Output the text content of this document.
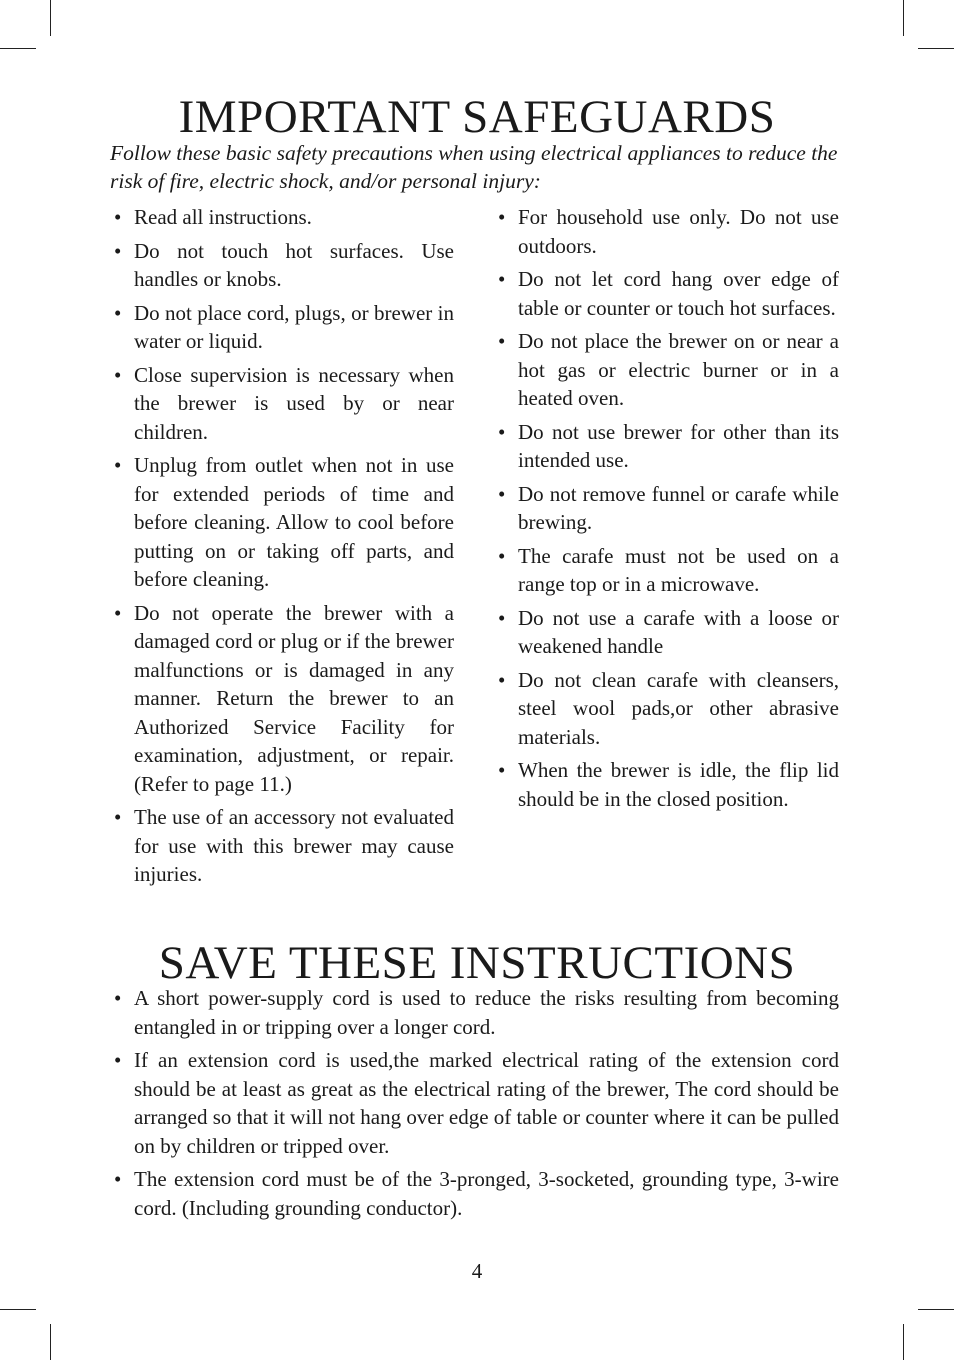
IMPORTANT SAFEGUARDS
Follow these basic safety precautions when using electrical appliances to reduce the risk of fire, electric shock, and/or personal injury:
• Read all instructions.
• Do not touch hot surfaces. Use handles or knobs.
• Do not place cord, plugs, or brewer in water or liquid.
• Close supervision is necessary when the brewer is used by or near children.
• Unplug from outlet when not in use for extended periods of time and before cleaning. Allow to cool before putting on or taking off parts, and before cleaning.
• Do not operate the brewer with a damaged cord or plug or if the brewer malfunctions or is damaged in any manner. Return the brewer to an Authorized Service Facility for examination, adjustment, or repair. (Refer to page 11.)
• The use of an accessory not evaluated for use with this brewer may cause injuries.
• For household use only. Do not use outdoors.
• Do not let cord hang over edge of table or counter or touch hot surfaces.
• Do not place the brewer on or near a hot gas or electric burner or in a heated oven.
• Do not use brewer for other than its intended use.
• Do not remove funnel or carafe while brewing.
• The carafe must not be used on a range top or in a microwave.
• Do not use a carafe with a loose or weakened handle
• Do not clean carafe with cleansers, steel wool pads,or other abrasive materials.
• When the brewer is idle, the flip lid should be in the closed position.
SAVE THESE INSTRUCTIONS
• A short power-supply cord is used to reduce the risks resulting from becoming entangled in or tripping over a longer cord.
• If an extension cord is used,the marked electrical rating of the extension cord should be at least as great as the electrical rating of the brewer, The cord should be arranged so that it will not hang over edge of table or counter where it can be pulled on by children or tripped over.
• The extension cord must be of the 3-pronged, 3-socketed, grounding type, 3-wire cord. (Including grounding conductor).
4
